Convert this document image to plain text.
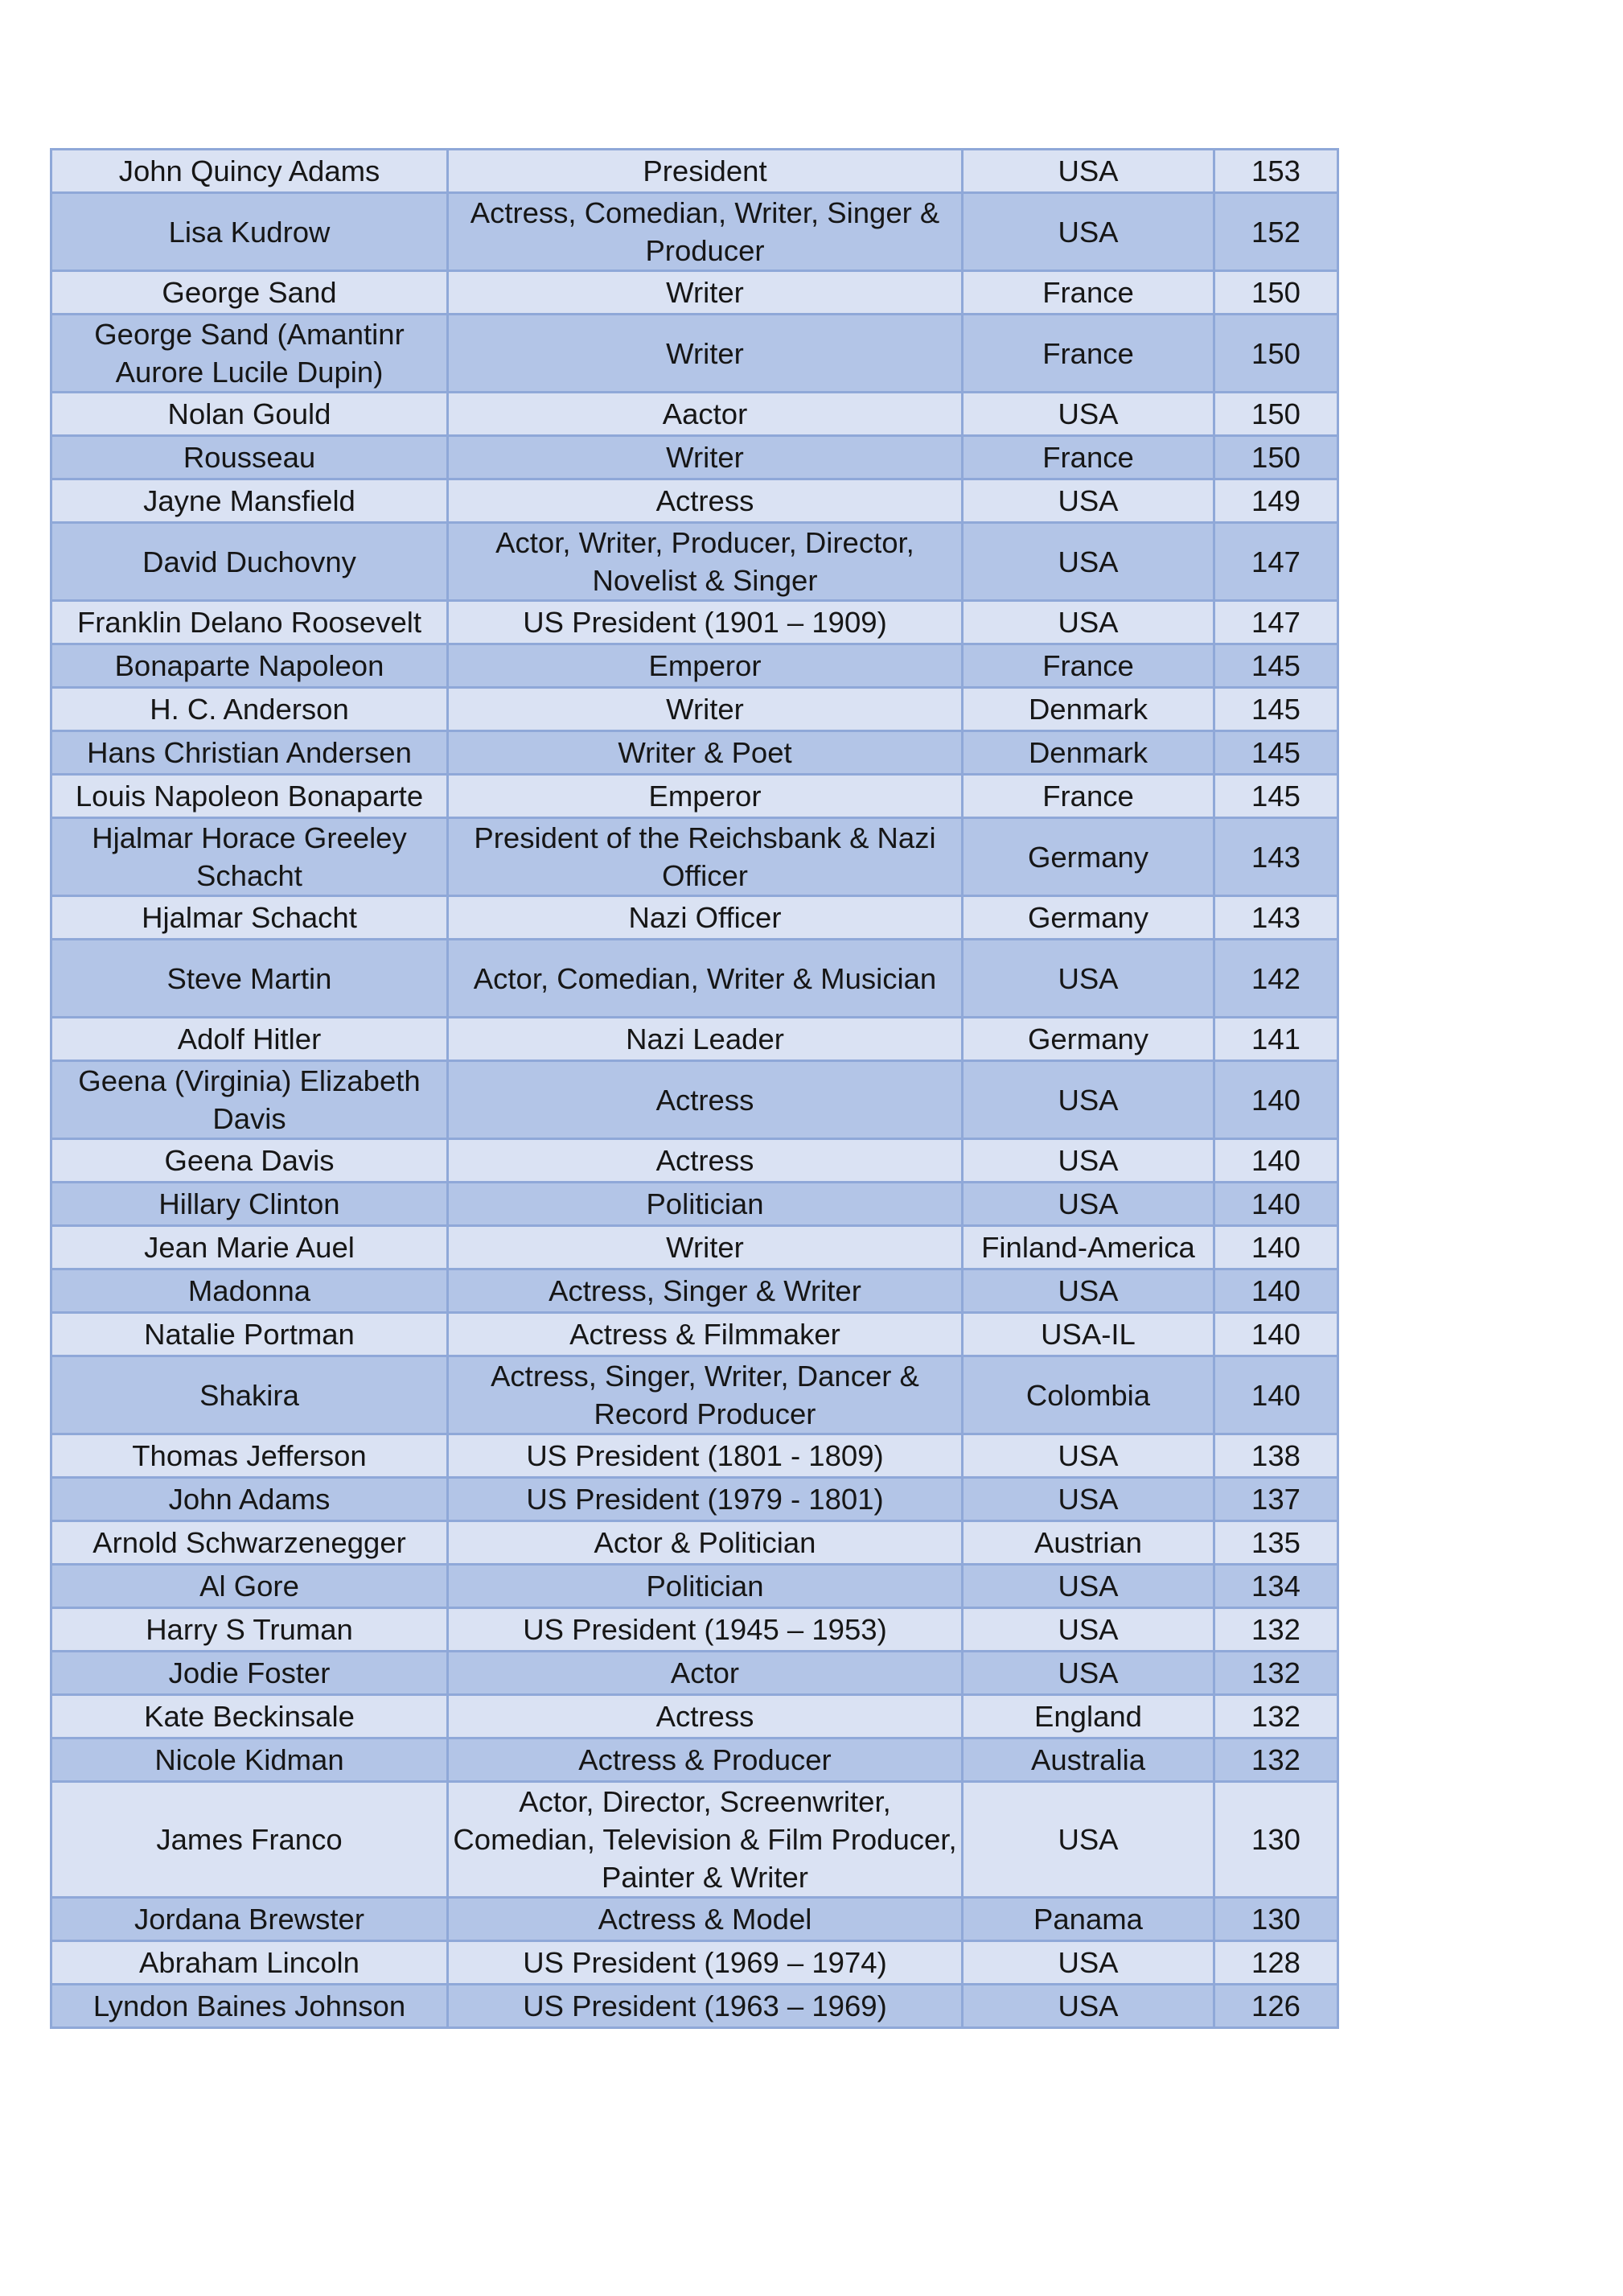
John Quincy Adams	President	USA	153
Lisa Kudrow	Actress, Comedian, Writer, Singer & Producer	USA	152
George Sand	Writer	France	150
George Sand (Amantinr Aurore Lucile Dupin)	Writer	France	150
Nolan Gould	Aactor	USA	150
Rousseau	Writer	France	150
Jayne Mansfield	Actress	USA	149
David Duchovny	Actor, Writer, Producer, Director, Novelist & Singer	USA	147
Franklin Delano Roosevelt	US President (1901 – 1909)	USA	147
Bonaparte Napoleon	Emperor	France	145
H. C. Anderson	Writer	Denmark	145
Hans Christian Andersen	Writer & Poet	Denmark	145
Louis Napoleon Bonaparte	Emperor	France	145
Hjalmar Horace Greeley Schacht	President of the Reichsbank & Nazi Officer	Germany	143
Hjalmar Schacht	Nazi Officer	Germany	143
Steve Martin	Actor, Comedian, Writer & Musician	USA	142
Adolf Hitler	Nazi Leader	Germany	141
Geena (Virginia) Elizabeth Davis	Actress	USA	140
Geena Davis	Actress	USA	140
Hillary Clinton	Politician	USA	140
Jean Marie Auel	Writer	Finland-America	140
Madonna	Actress, Singer & Writer	USA	140
Natalie Portman	Actress & Filmmaker	USA-IL	140
Shakira	Actress, Singer, Writer, Dancer & Record Producer	Colombia	140
Thomas Jefferson	US President (1801 - 1809)	USA	138
John Adams	US President (1979 - 1801)	USA	137
Arnold Schwarzenegger	Actor & Politician	Austrian	135
Al Gore	Politician	USA	134
Harry S Truman	US President (1945 – 1953)	USA	132
Jodie Foster	Actor	USA	132
Kate Beckinsale	Actress	England	132
Nicole Kidman	Actress & Producer	Australia	132
James Franco	Actor, Director, Screenwriter, Comedian, Television & Film Producer, Painter & Writer	USA	130
Jordana Brewster	Actress & Model	Panama	130
Abraham Lincoln	US President (1969 – 1974)	USA	128
Lyndon Baines Johnson	US President (1963 – 1969)	USA	126
